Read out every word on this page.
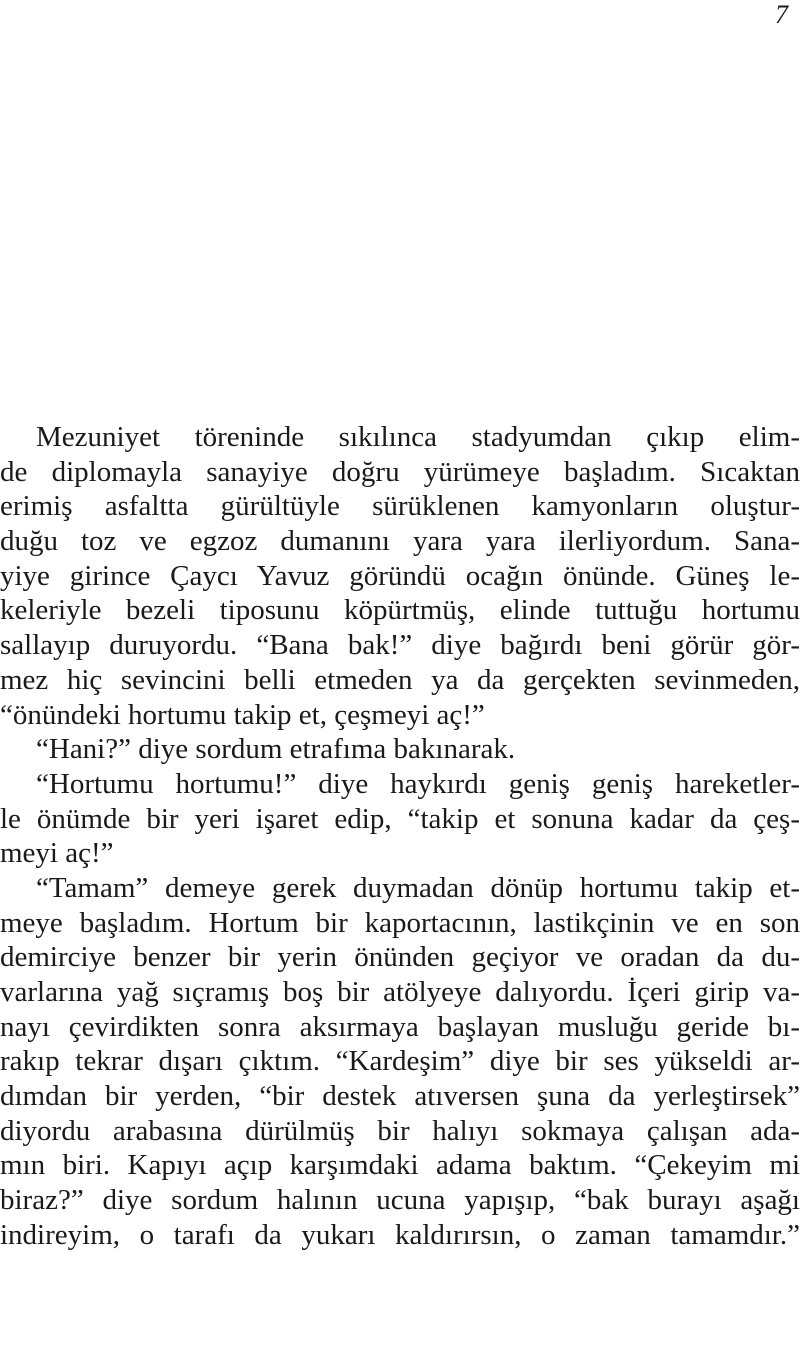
7
Mezuniyet töreninde sıkılınca stadyumdan çıkıp elim-
de diplomayla sanayiye doğru yürümeye başladım. Sıcaktan
erimiş asfaltta gürültüyle sürüklenen kamyonların oluştur-
duğu toz ve egzoz dumanını yara yara ilerliyordum. Sana-
yiye girince Çaycı Yavuz göründü ocağın önünde. Güneş le-
keleriyle bezeli tiposunu köpürtmüş, elinde tuttuğu hortumu
sallayıp duruyordu. “Bana bak!” diye bağırdı beni görür gör-
mez hiç sevincini belli etmeden ya da gerçekten sevinmeden,
“önündeki hortumu takip et, çeşmeyi aç!”
“Hani?” diye sordum etrafıma bakınarak.
“Hortumu hortumu!” diye haykırdı geniş geniş hareketler-
le önümde bir yeri işaret edip, “takip et sonuna kadar da çeş-
meyi aç!”
“Tamam” demeye gerek duymadan dönüp hortumu takip et-
meye başladım. Hortum bir kaportacının, lastikçinin ve en son
demirciye benzer bir yerin önünden geçiyor ve oradan da du-
varlarına yağ sıçramış boş bir atölyeye dalıyordu. İçeri girip va-
nayı çevirdikten sonra aksırmaya başlayan musluğu geride bı-
rakıp tekrar dışarı çıktım. “Kardeşim” diye bir ses yükseldi ar-
dımdan bir yerden, “bir destek atıversen şuna da yerleştirsek”
diyordu arabasına dürülmüş bir halıyı sokmaya çalışan ada-
mın biri. Kapıyı açıp karşımdaki adama baktım. “Çekeyim mi
biraz?” diye sordum halının ucuna yapışıp, “bak burayı aşağı
indireyim, o tarafı da yukarı kaldırırsın, o zaman tamamdır.”
